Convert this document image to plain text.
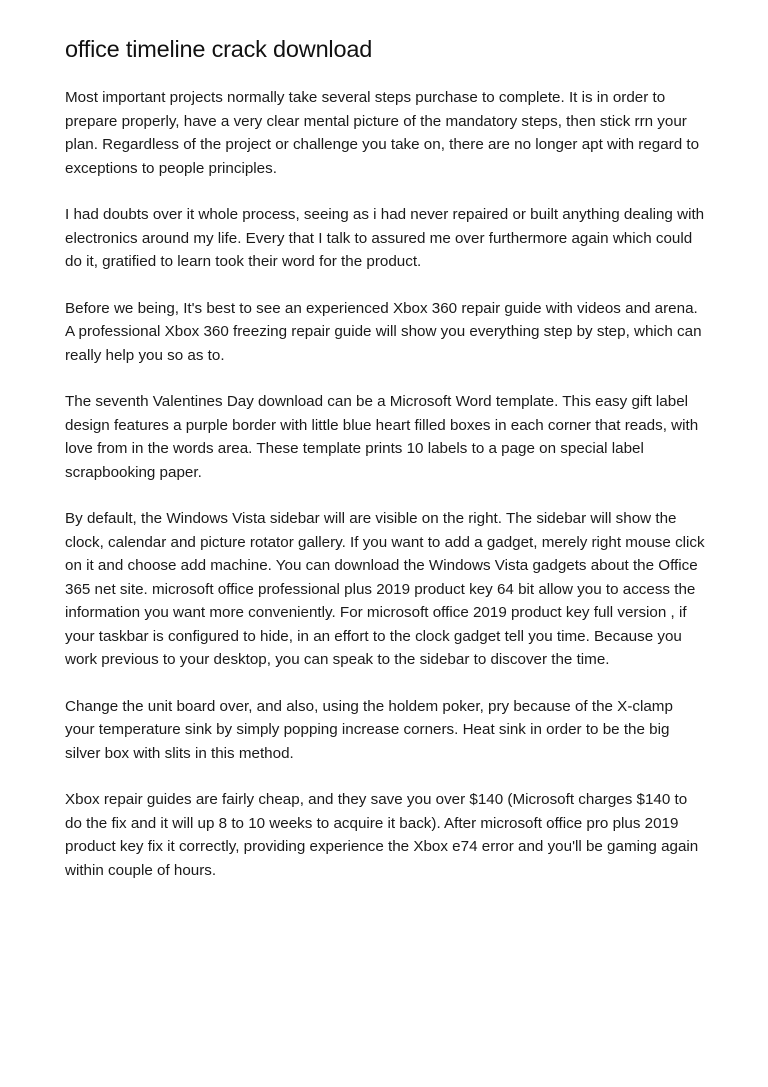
office timeline crack download

Most important projects normally take several steps purchase to complete. It is in order to prepare properly, have a very clear mental picture of the mandatory steps, then stick rrn your plan. Regardless of the project or challenge you take on, there are no longer apt with regard to exceptions to people principles.

I had doubts over it whole process, seeing as i had never repaired or built anything dealing with electronics around my life. Every that I talk to assured me over furthermore again which could do it, gratified to learn took their word for the product.

Before we being, It's best to see an experienced Xbox 360 repair guide with videos and arena. A professional Xbox 360 freezing repair guide will show you everything step by step, which can really help you so as to.

The seventh Valentines Day download can be a Microsoft Word template. This easy gift label design features a purple border with little blue heart filled boxes in each corner that reads, with love from in the words area. These template prints 10 labels to a page on special label scrapbooking paper.

By default, the Windows Vista sidebar will are visible on the right. The sidebar will show the clock, calendar and picture rotator gallery. If you want to add a gadget, merely right mouse click on it and choose add machine. You can download the Windows Vista gadgets about the Office 365 net site. microsoft office professional plus 2019 product key 64 bit allow you to access the information you want more conveniently. For microsoft office 2019 product key full version , if your taskbar is configured to hide, in an effort to the clock gadget tell you time. Because you work previous to your desktop, you can speak to the sidebar to discover the time.

Change the unit board over, and also, using the holdem poker, pry because of the X-clamp your temperature sink by simply popping increase corners. Heat sink in order to be the big silver box with slits in this method.

Xbox repair guides are fairly cheap, and they save you over $140 (Microsoft charges $140 to do the fix and it will up 8 to 10 weeks to acquire it back). After microsoft office pro plus 2019 product key fix it correctly, providing experience the Xbox e74 error and you'll be gaming again within couple of hours.
